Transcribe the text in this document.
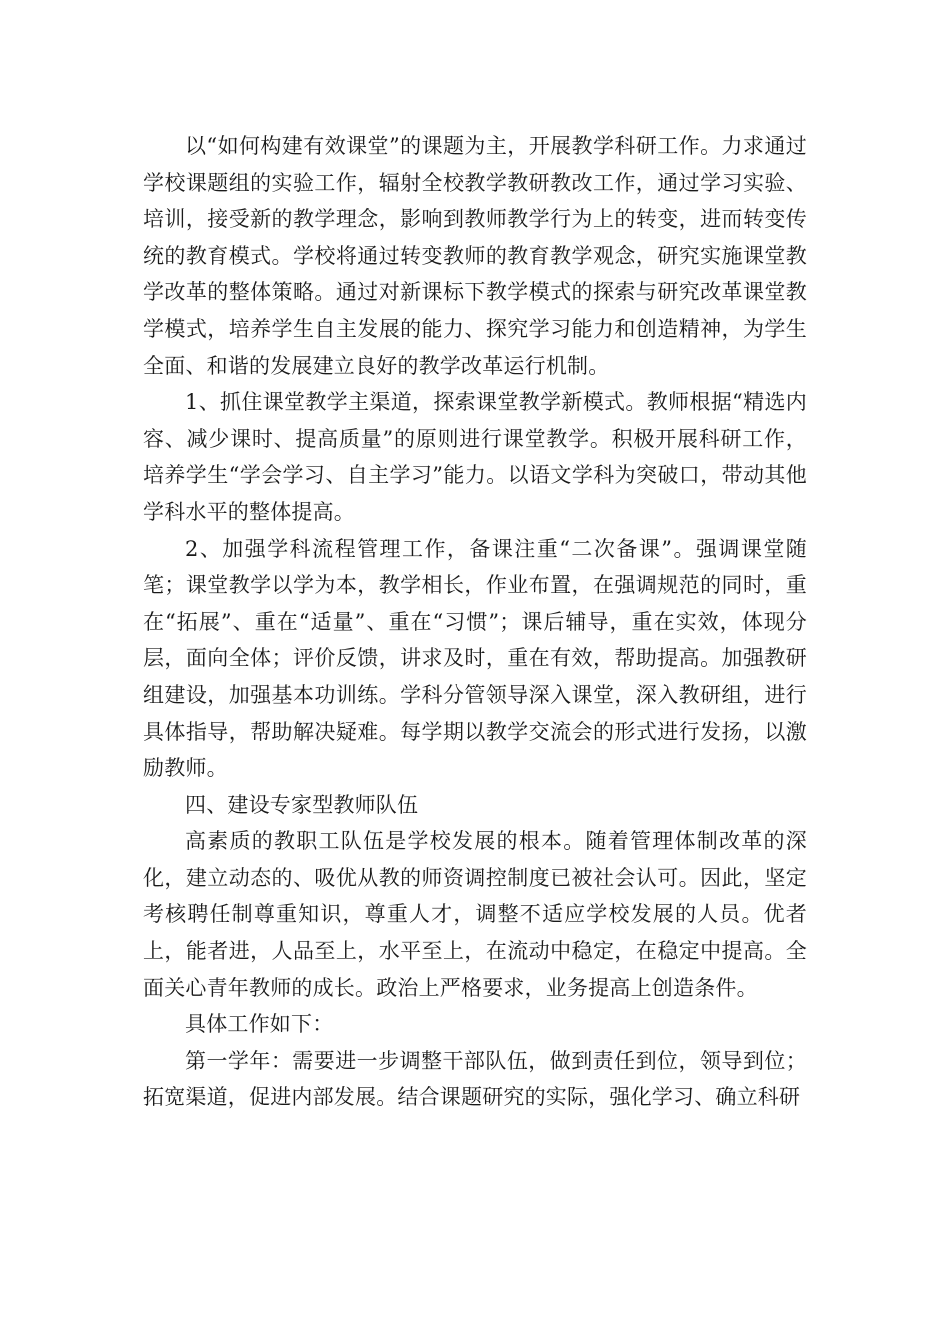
以“如何构建有效课堂”的课题为主，开展教学科研工作。力求通过学校课题组的实验工作，辐射全校教学教研教改工作，通过学习实验、培训，接受新的教学理念，影响到教师教学行为上的转变，进而转变传统的教育模式。学校将通过转变教师的教育教学观念，研究实施课堂教学改革的整体策略。通过对新课标下教学模式的探索与研究改革课堂教学模式，培养学生自主发展的能力、探究学习能力和创造精神，为学生全面、和谐的发展建立良好的教学改革运行机制。

1、抓住课堂教学主渠道，探索课堂教学新模式。教师根据“精选内容、减少课时、提高质量”的原则进行课堂教学。积极开展科研工作，培养学生“学会学习、自主学习”能力。以语文学科为突破口，带动其他学科水平的整体提高。

2、加强学科流程管理工作，备课注重“二次备课”。强调课堂随笔；课堂教学以学为本，教学相长，作业布置，在强调规范的同时，重在“拓展”、重在“适量”、重在“习惯”；课后辅导，重在实效，体现分层，面向全体；评价反馈，讲求及时，重在有效，帮助提高。加强教研组建设，加强基本功训练。学科分管领导深入课堂，深入教研组，进行具体指导，帮助解决疑难。每学期以教学交流会的形式进行发扬，以激励教师。

四、建设专家型教师队伍

高素质的教职工队伍是学校发展的根本。随着管理体制改革的深化，建立动态的、吸优从教的师资调控制度已被社会认可。因此，坚定考核聘任制尊重知识，尊重人才，调整不适应学校发展的人员。优者上，能者进，人品至上，水平至上，在流动中稳定，在稳定中提高。全面关心青年教师的成长。政治上严格要求，业务提高上创造条件。

具体工作如下：

第一学年：需要进一步调整干部队伍，做到责任到位，领导到位；拓宽渠道，促进内部发展。结合课题研究的实际，强化学习、确立科研
